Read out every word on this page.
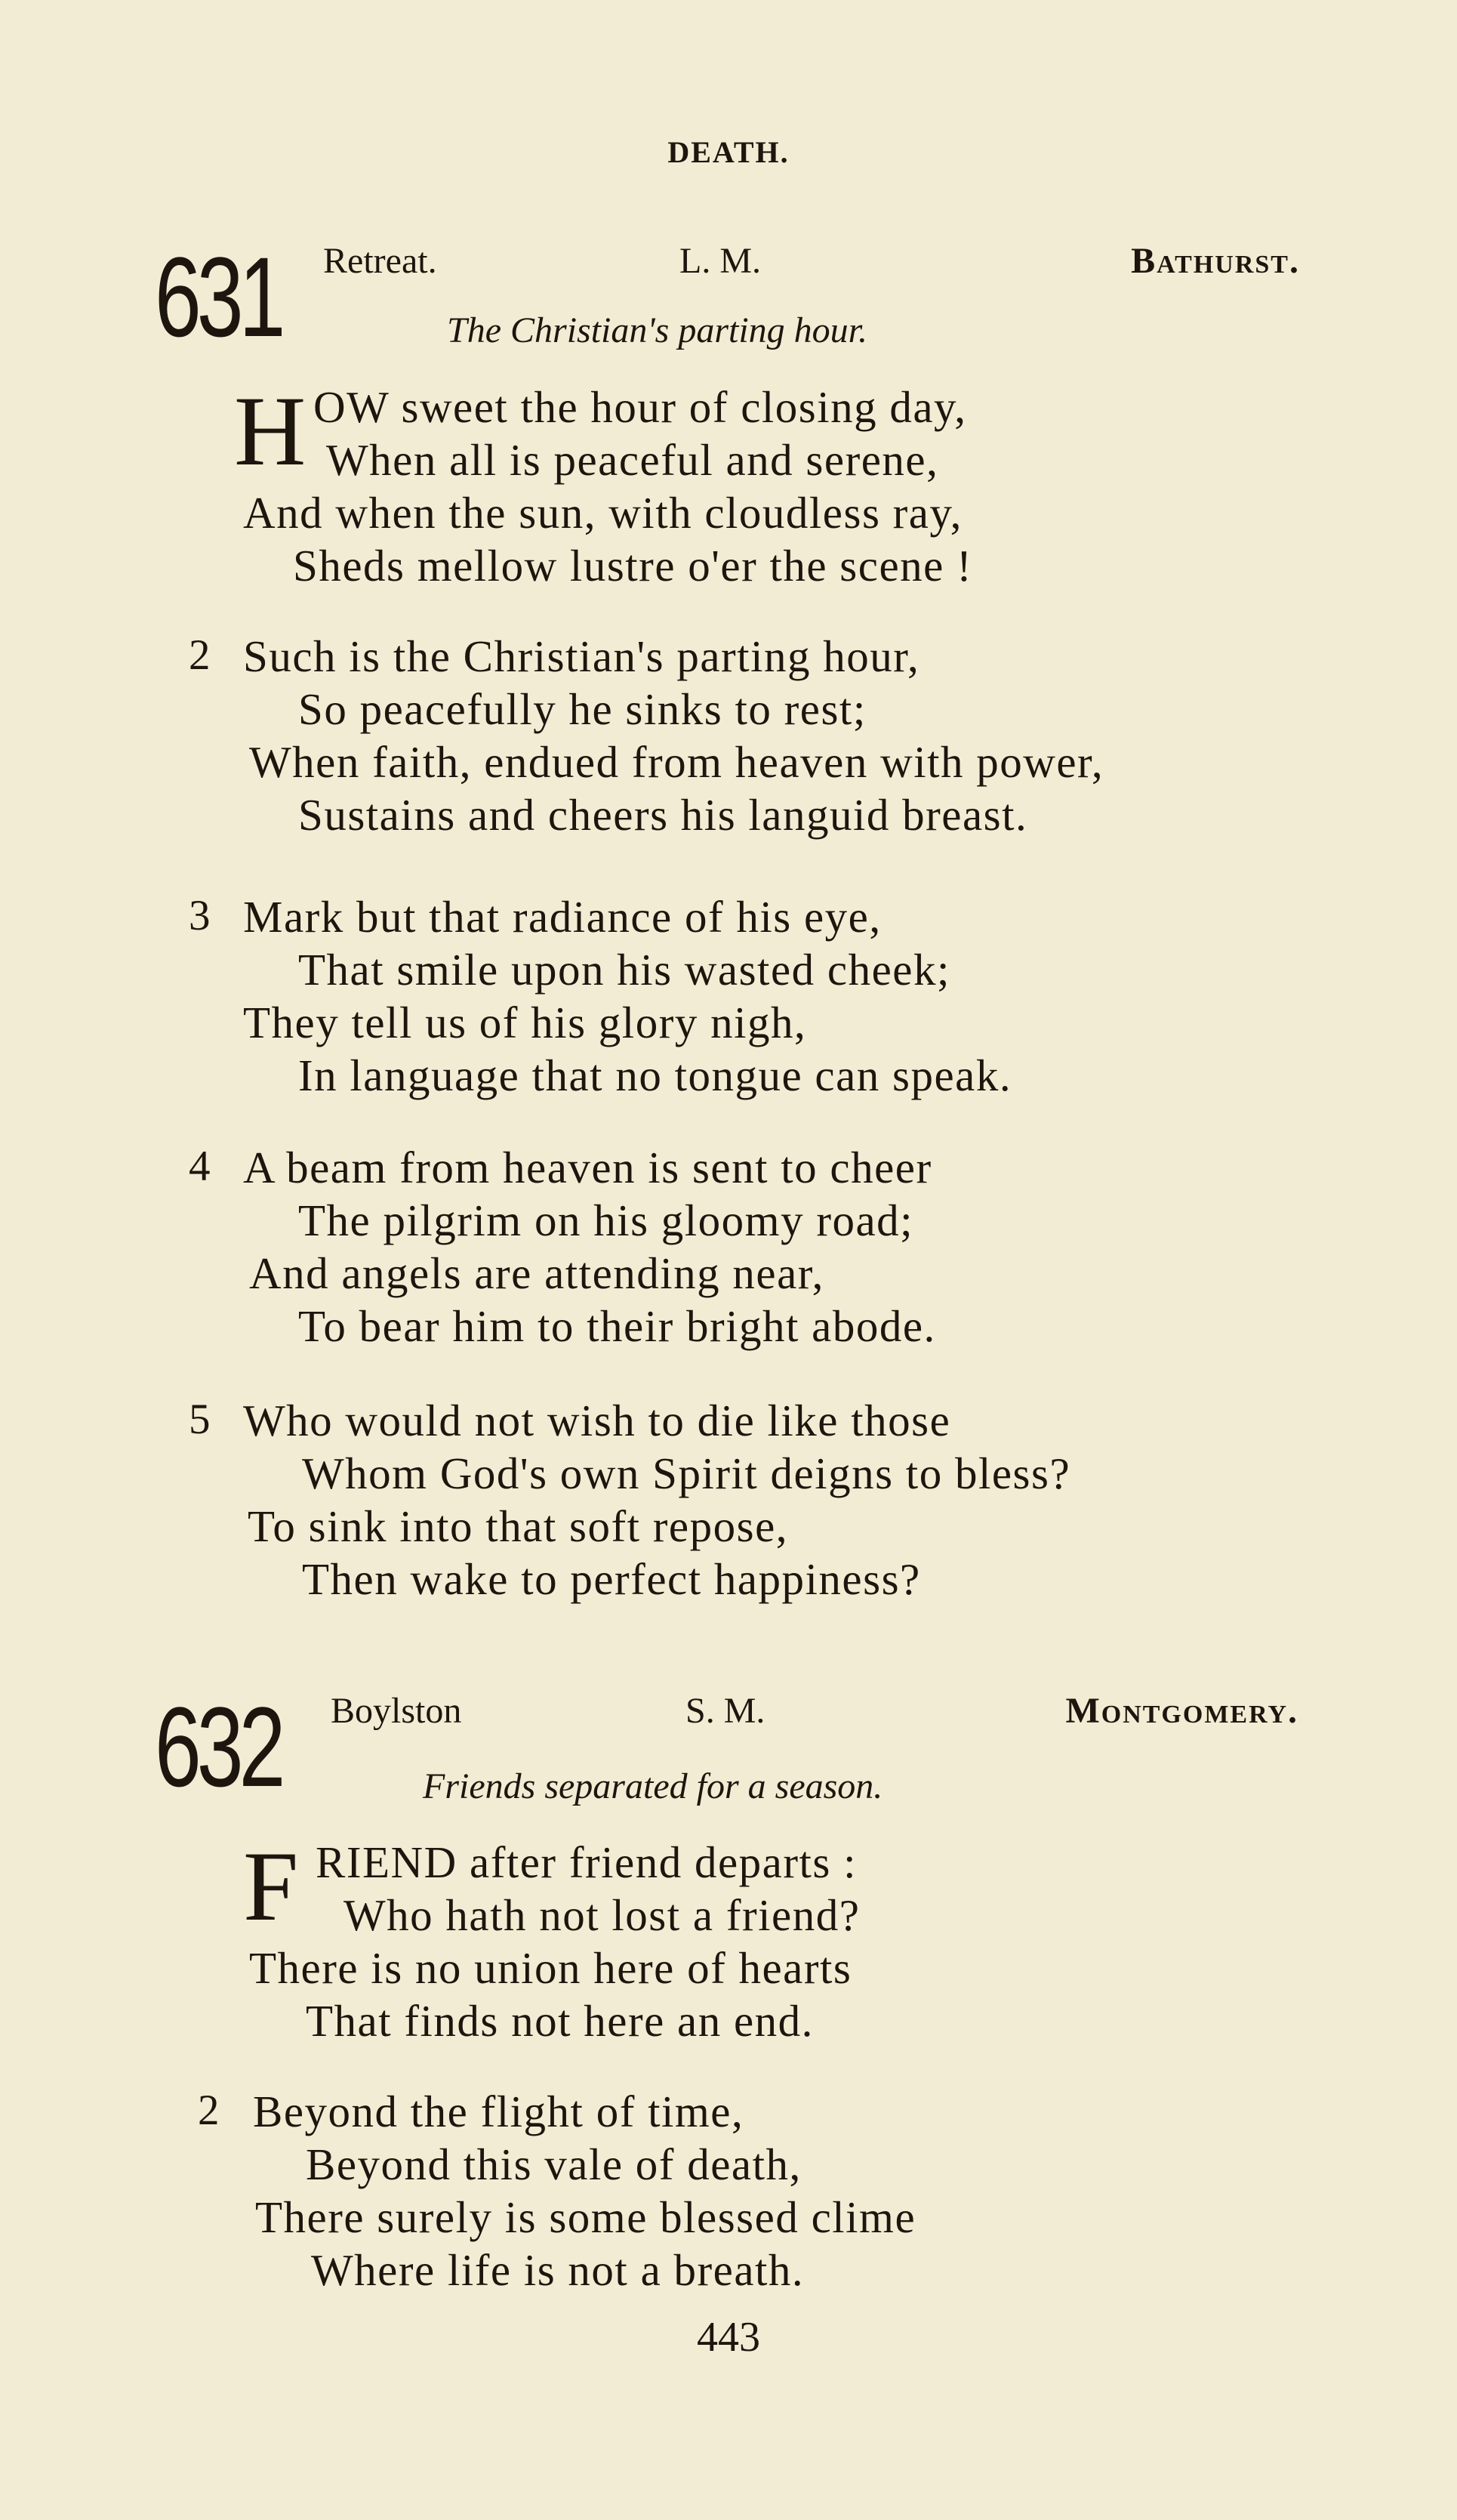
DEATH.
631 Retreat.	L. M.	Bathurst.
The Christian's parting hour.
H OW sweet the hour of closing day,
When all is peaceful and serene,
And when the sun, with cloudless ray,
Sheds mellow lustre o'er the scene !
2 Such is the Christian's parting hour,
So peacefully he sinks to rest;
When faith, endued from heaven with power,
Sustains and cheers his languid breast.
3 Mark but that radiance of his eye,
That smile upon his wasted cheek;
They tell us of his glory nigh,
In language that no tongue can speak.
4 A beam from heaven is sent to cheer
The pilgrim on his gloomy road;
And angels are attending near,
To bear him to their bright abode.
5 Who would not wish to die like those
Whom God's own Spirit deigns to bless?
To sink into that soft repose,
Then wake to perfect happiness?
632 Boylston	S. M.	Montgomery.
Friends separated for a season.
F RIEND after friend departs :
Who hath not lost a friend?
There is no union here of hearts
That finds not here an end.
2 Beyond the flight of time,
Beyond this vale of death,
There surely is some blessed clime
Where life is not a breath.
443
